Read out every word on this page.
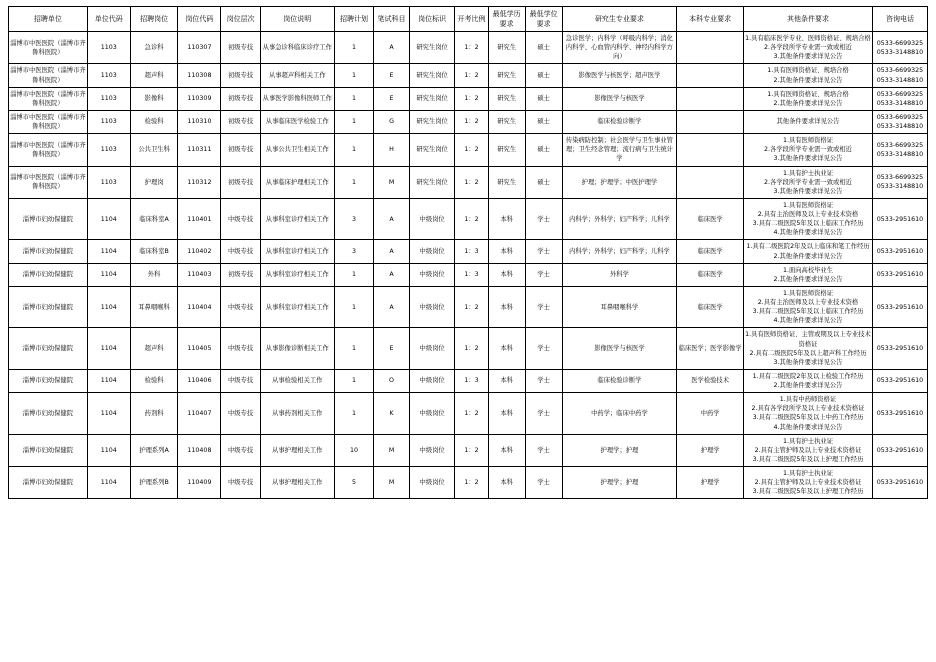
招聘单位	单位代码	招聘岗位	岗位代码	岗位层次	岗位说明	招聘计划	笔试科目	岗位标识	开考比例	最低学历要求	最低学位要求	研究生专业要求	本科专业要求	其他条件要求	咨询电话
淄博市中医医院（淄博市齐鲁科医院）	1103	急诊科	110307	初级专技	从事急诊科临床诊疗工作	1	A	研究生岗位	1：2	研究生	硕士	急诊医学；内科学（呼吸内科学；消化内科学、心血管内科学、神经内科学方向）		1.具有临床医学专业、医师资格证、规培合格
2.各学段所学专业需一致或相近
3.其他条件要求详见公告	0533-6699325
0533-3148810
淄博市中医医院（淄博市齐鲁科医院）	1103	超声科	110308	初级专技	从事超声科相关工作	1	E	研究生岗位	1：2	研究生	硕士	影像医学与核医学；超声医学		1.具有医师资格证、规培合格
2.其他条件要求详见公告	0533-6699325
0533-3148810
淄博市中医医院（淄博市齐鲁科医院）	1103	影像科	110309	初级专技	从事医学影像科医师工作	1	E	研究生岗位	1：2	研究生	硕士	影像医学与核医学		1.具有医师资格证、规培合格
2.其他条件要求详见公告	0533-6699325
0533-3148810
淄博市中医医院（淄博市齐鲁科医院）	1103	检验科	110310	初级专技	从事临床医学检验工作	1	G	研究生岗位	1：2	研究生	硕士	临床检验诊断学		其他条件要求详见公告	0533-6699325
0533-3148810
淄博市中医医院（淄博市齐鲁科医院）	1103	公共卫生科	110311	初级专技	从事公共卫生相关工作	1	H	研究生岗位	1：2	研究生	硕士	传染病防控制；社会医学与卫生事业管理；卫生经念管理；流行病与卫生统计学		1.具有医师资格证
2.各学段所学专业需一致或相近
3.其他条件要求详见公告	0533-6699325
0533-3148810
淄博市中医医院（淄博市齐鲁科医院）	1103	护理岗	110312	初级专技	从事临床护理相关工作	1	M	研究生岗位	1：2	研究生	硕士	护理；护理学；中医护理学		1.具有护士执业证
2.各学段所学专业需一致或相近
3.其他条件要求详见公告	0533-6699325
0533-3148810
淄博市妇幼保健院	1104	临床科室A	110401	中级专技	从事科室诊疗相关工作	3	A	中级岗位	1：2	本科	学士	内科学；外科学；妇产科学；儿科学	临床医学	1.具有医师资格证
2.具有主治医师及以上专业技术资格
3.具有二级医院5年及以上临床工作经历
4.其他条件要求详见公告	0533-2951610
淄博市妇幼保健院	1104	临床科室B	110402	中级专技	从事科室诊疗相关工作	3	A	中级岗位	1：3	本科	学士	内科学；外科学；妇产科学；儿科学	临床医学	1.具有二级医院2年及以上临床和笔工作经历
2.其他条件要求详见公告	0533-2951610
淄博市妇幼保健院	1104	外科	110403	初级专技	从事科室诊疗相关工作	1	A	中级岗位	1：3	本科	学士	外科学	临床医学	1.面向高校毕业生
2.其他条件要求详见公告	0533-2951610
淄博市妇幼保健院	1104	耳鼻咽喉科	110404	中级专技	从事科室诊疗相关工作	1	A	中级岗位	1：2	本科	学士	耳鼻咽喉科学	临床医学	1.具有医师资格证
2.具有主治医师及以上专业技术资格
3.具有二级医院5年及以上临床工作经历
4.其他条件要求详见公告	0533-2951610
淄博市妇幼保健院	1104	超声科	110405	中级专技	从事影像诊断相关工作	1	E	中级岗位	1：2	本科	学士	影像医学与核医学	临床医学；医学影像学	1.具有医师资格证、主管或期及以上专业技术资格证
2.具有二级医院5年及以上超声科工作经历
3.其他条件要求详见公告	0533-2951610
淄博市妇幼保健院	1104	检验科	110406	中级专技	从事检验相关工作	1	O	中级岗位	1：3	本科	学士	临床检验诊断学	医学检验技术	1.具有二级医院2年及以上检验工作经历
2.其他条件要求详见公告	0533-2951610
淄博市妇幼保健院	1104	药剂科	110407	中级专技	从事药剂相关工作	1	K	中级岗位	1：2	本科	学士	中药学；临床中药学	中药学	1.具有中药师资格证
2.具有各学段所学及以上专业技术资格证
3.具有二级医院5年及以上中药工作经历
4.其他条件要求详见公告	0533-2951610
淄博市妇幼保健院	1104	护理系列A	110408	中级专技	从事护理相关工作	10	M	中级岗位	1：2	本科	学士	护理学；护理	护理学	1.具有护士执业证
2.具有主管护师及以上专业技术资格证
3.具有二级医院5年及以上护理工作经历	0533-2951610
淄博市妇幼保健院	1104	护理系列B	110409	中级专技	从事护理相关工作	5	M	中级岗位	1：2	本科	学士	护理学；护理	护理学	1.具有护士执业证
2.具有主管护师及以上专业技术资格证
3.具有二级医院5年及以上护理工作经历	0533-2951610
